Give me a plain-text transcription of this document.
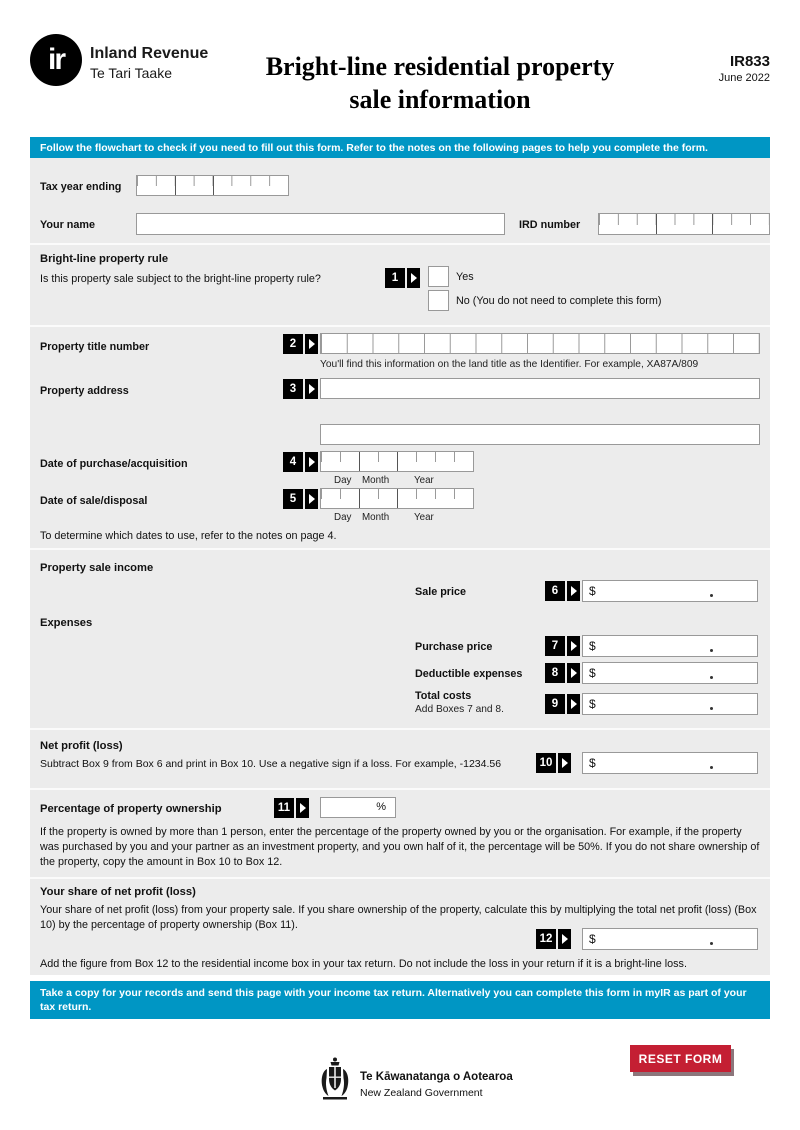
ir Inland Revenue
Te Tari Taake	Bright-line residential property
sale information
IR833
June 2022
Follow the flowchart to check if you need to fill out this form. Refer to the notes on the following pages to help you complete the form.
Tax year ending
Your name	IRD number
Bright-line property rule
Is this property sale subject to the bright-line property rule?	1	Yes
No (You do not need to complete this form)
Property title number	2
You'll find this information on the land title as the Identifier. For example, XA87A/809
Property address	3
Date of purchase/acquisition	4
Day Month	Year
Date of sale/disposal	5
Day Month	Year
To determine which dates to use, refer to the notes on page 4.
Property sale income
Sale price	6	$
Expenses
Purchase price	7	$
Deductible expenses	8	$
Total costs
Add Boxes 7 and 8.	9	$
Net profit (loss)
Subtract Box 9 from Box 6 and print in Box 10. Use a negative sign if a loss. For example, -1234.56	10	$
Percentage of property ownership	11	%
If the property is owned by more than 1 person, enter the percentage of the property owned by you or the organisation. For example, if the property was purchased by you and your partner as an investment property, and you own half of it, the percentage will be 50%. If you do not share ownership of the property, copy the amount in Box 10 to Box 12.
Your share of net profit (loss)
Your share of net profit (loss) from your property sale. If you share ownership of the property, calculate this by multiplying the total net profit (loss) (Box 10) by the percentage of property ownership (Box 11).
12	$
Add the figure from Box 12 to the residential income box in your tax return. Do not include the loss in your return if it is a bright-line loss.
Take a copy for your records and send this page with your income tax return. Alternatively you can complete this form in myIR as part of your tax return.
Te Kāwanatanga o Aotearoa
New Zealand Government
RESET FORM
